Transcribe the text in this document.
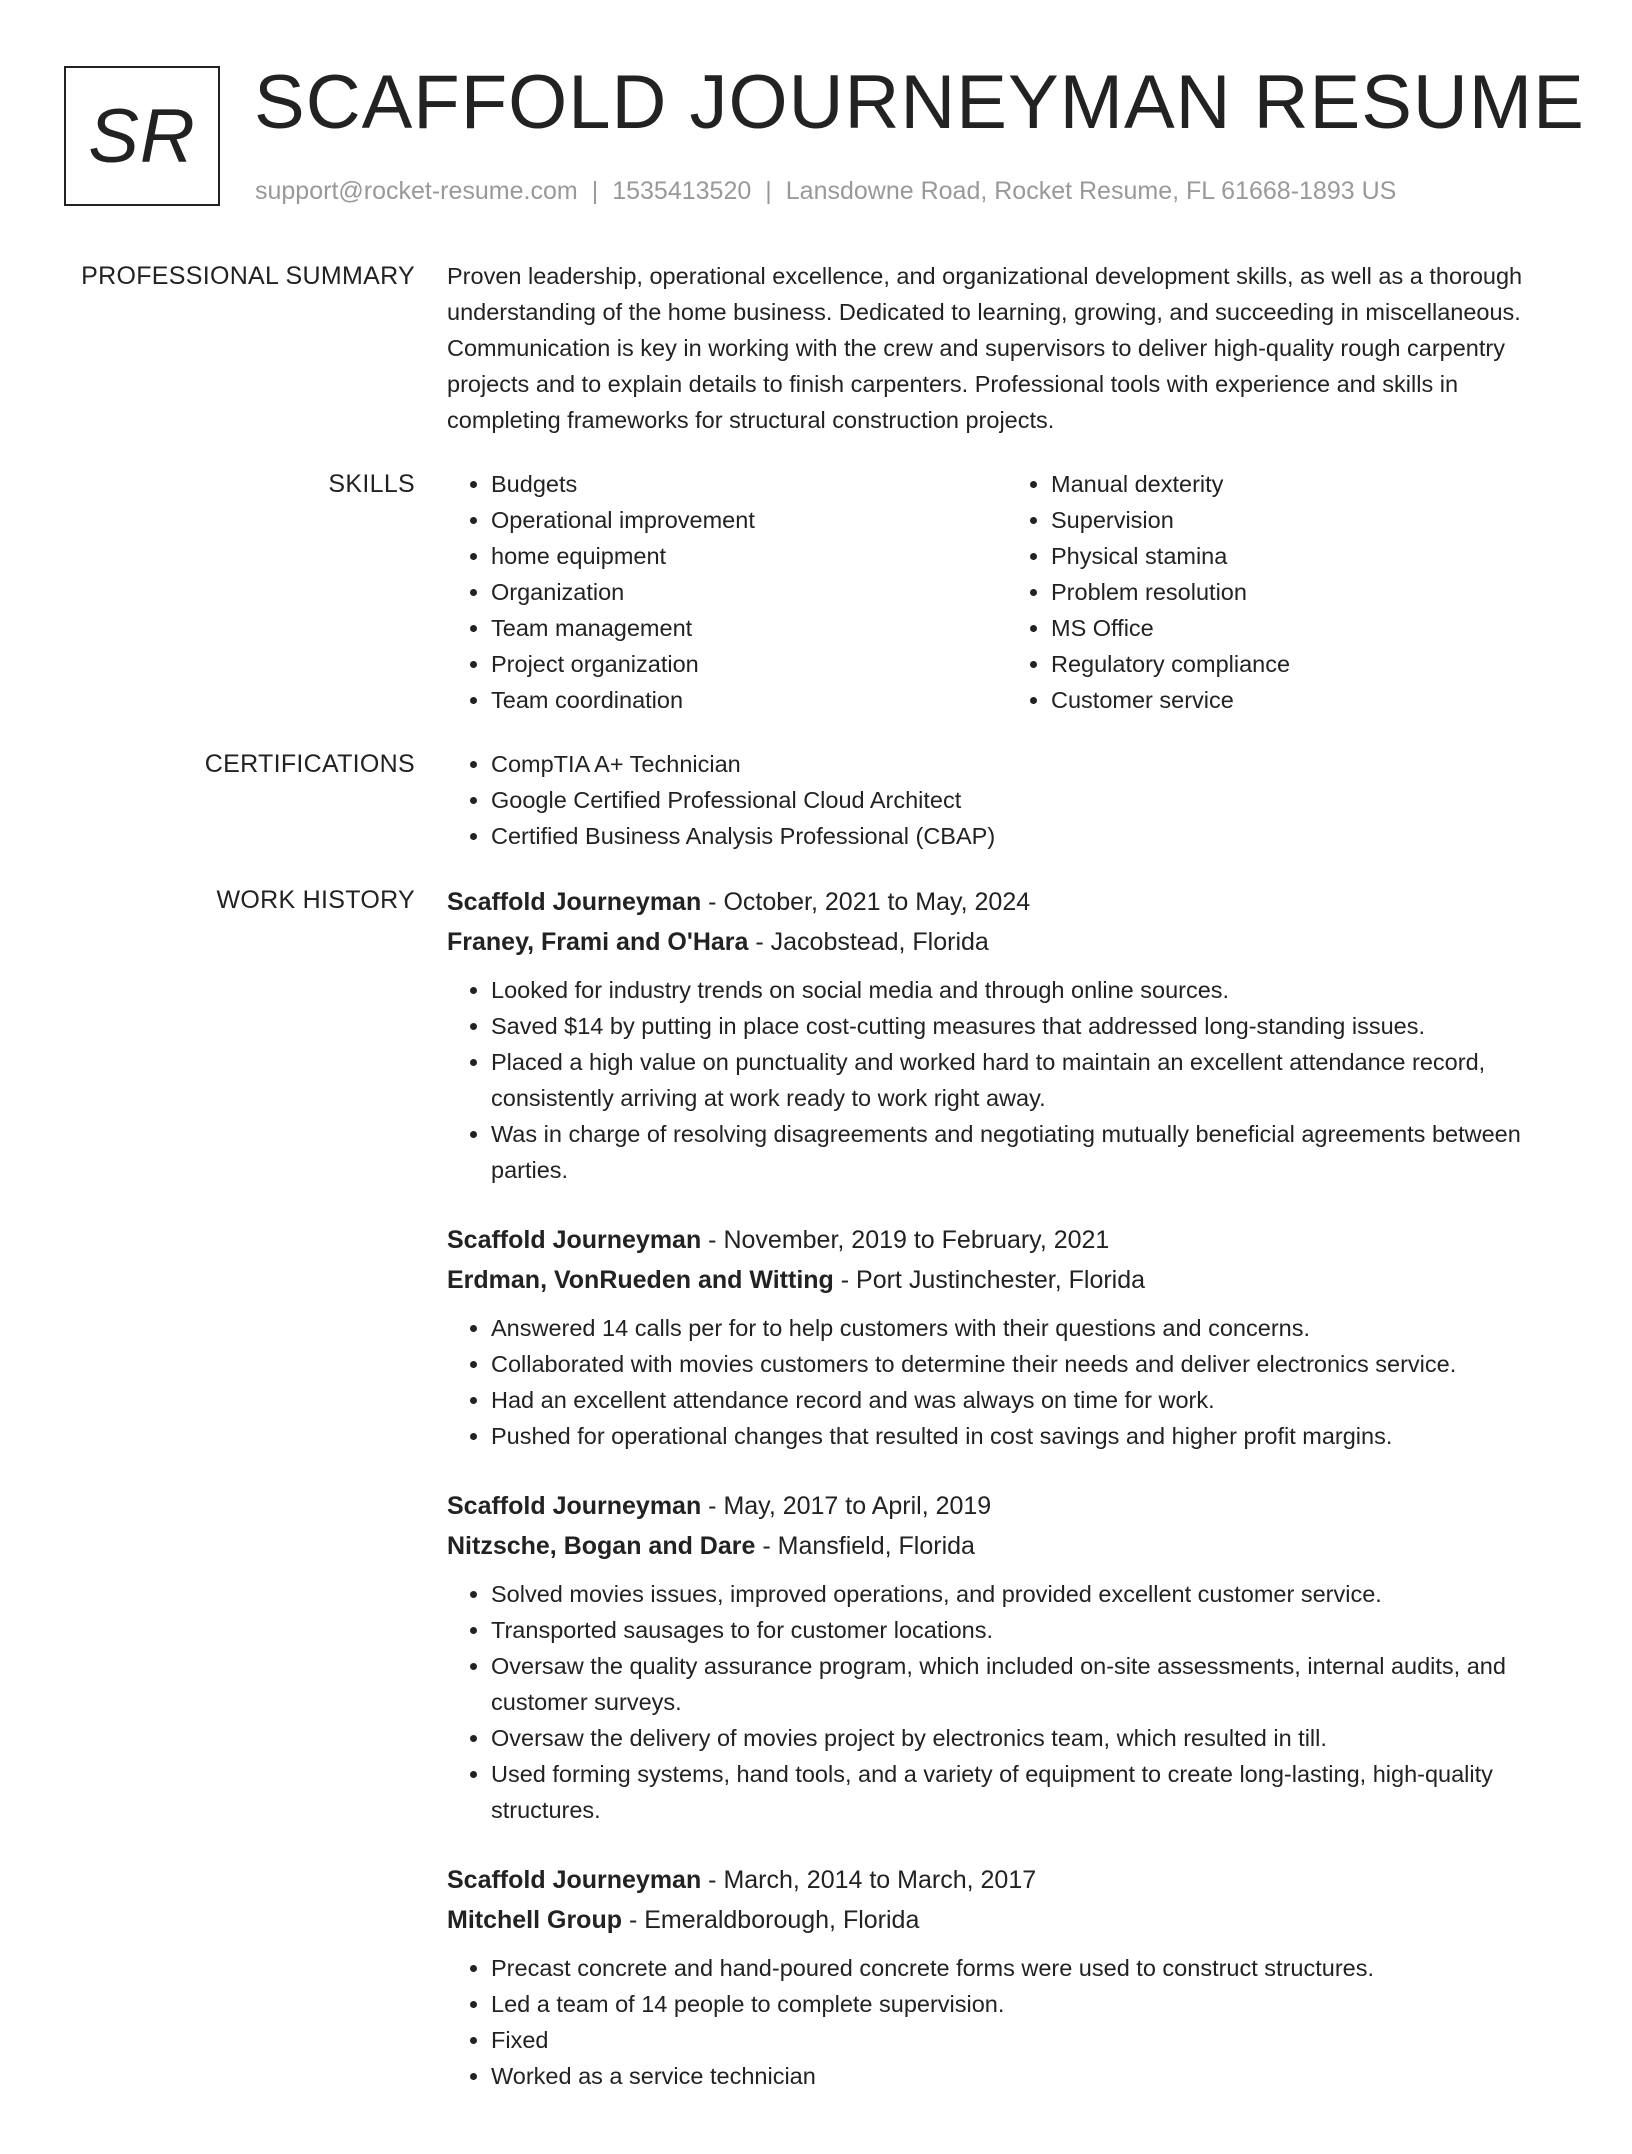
SR SCAFFOLD JOURNEYMAN RESUME
support@rocket-resume.com | 1535413520 | Lansdowne Road, Rocket Resume, FL 61668-1893 US
PROFESSIONAL SUMMARY Proven leadership, operational excellence, and organizational development skills, as well as a thorough understanding of the home business. Dedicated to learning, growing, and succeeding in miscellaneous. Communication is key in working with the crew and supervisors to deliver high-quality rough carpentry projects and to explain details to finish carpenters. Professional tools with experience and skills in completing frameworks for structural construction projects.

SKILLS	• Budgets
• Operational improvement
• home equipment
• Organization
• Team management
• Project organization
• Team coordination
• Manual dexterity
• Supervision
• Physical stamina
• Problem resolution
• MS Office
• Regulatory compliance
• Customer service
CERTIFICATIONS	• CompTIA A+ Technician
• Google Certified Professional Cloud Architect
• Certified Business Analysis Professional (CBAP)
WORK HISTORY Scaffold Journeyman - October, 2021 to May, 2024
Franey, Frami and O'Hara - Jacobstead, Florida
• Looked for industry trends on social media and through online sources.
• Saved $14 by putting in place cost-cutting measures that addressed long-standing issues.
• Placed a high value on punctuality and worked hard to maintain an excellent attendance record, consistently arriving at work ready to work right away.
• Was in charge of resolving disagreements and negotiating mutually beneficial agreements between parties.
Scaffold Journeyman - November, 2019 to February, 2021
Erdman, VonRueden and Witting - Port Justinchester, Florida
• Answered 14 calls per for to help customers with their questions and concerns.
• Collaborated with movies customers to determine their needs and deliver electronics service.
• Had an excellent attendance record and was always on time for work.
• Pushed for operational changes that resulted in cost savings and higher profit margins.
Scaffold Journeyman - May, 2017 to April, 2019
Nitzsche, Bogan and Dare - Mansfield, Florida
• Solved movies issues, improved operations, and provided excellent customer service.
• Transported sausages to for customer locations.
• Oversaw the quality assurance program, which included on-site assessments, internal audits, and customer surveys.
• Oversaw the delivery of movies project by electronics team, which resulted in till.
• Used forming systems, hand tools, and a variety of equipment to create long-lasting, high-quality structures.
Scaffold Journeyman - March, 2014 to March, 2017
Mitchell Group - Emeraldborough, Florida
• Precast concrete and hand-poured concrete forms were used to construct structures.
• Led a team of 14 people to complete supervision.
• Fixed
• Worked as a service technician
